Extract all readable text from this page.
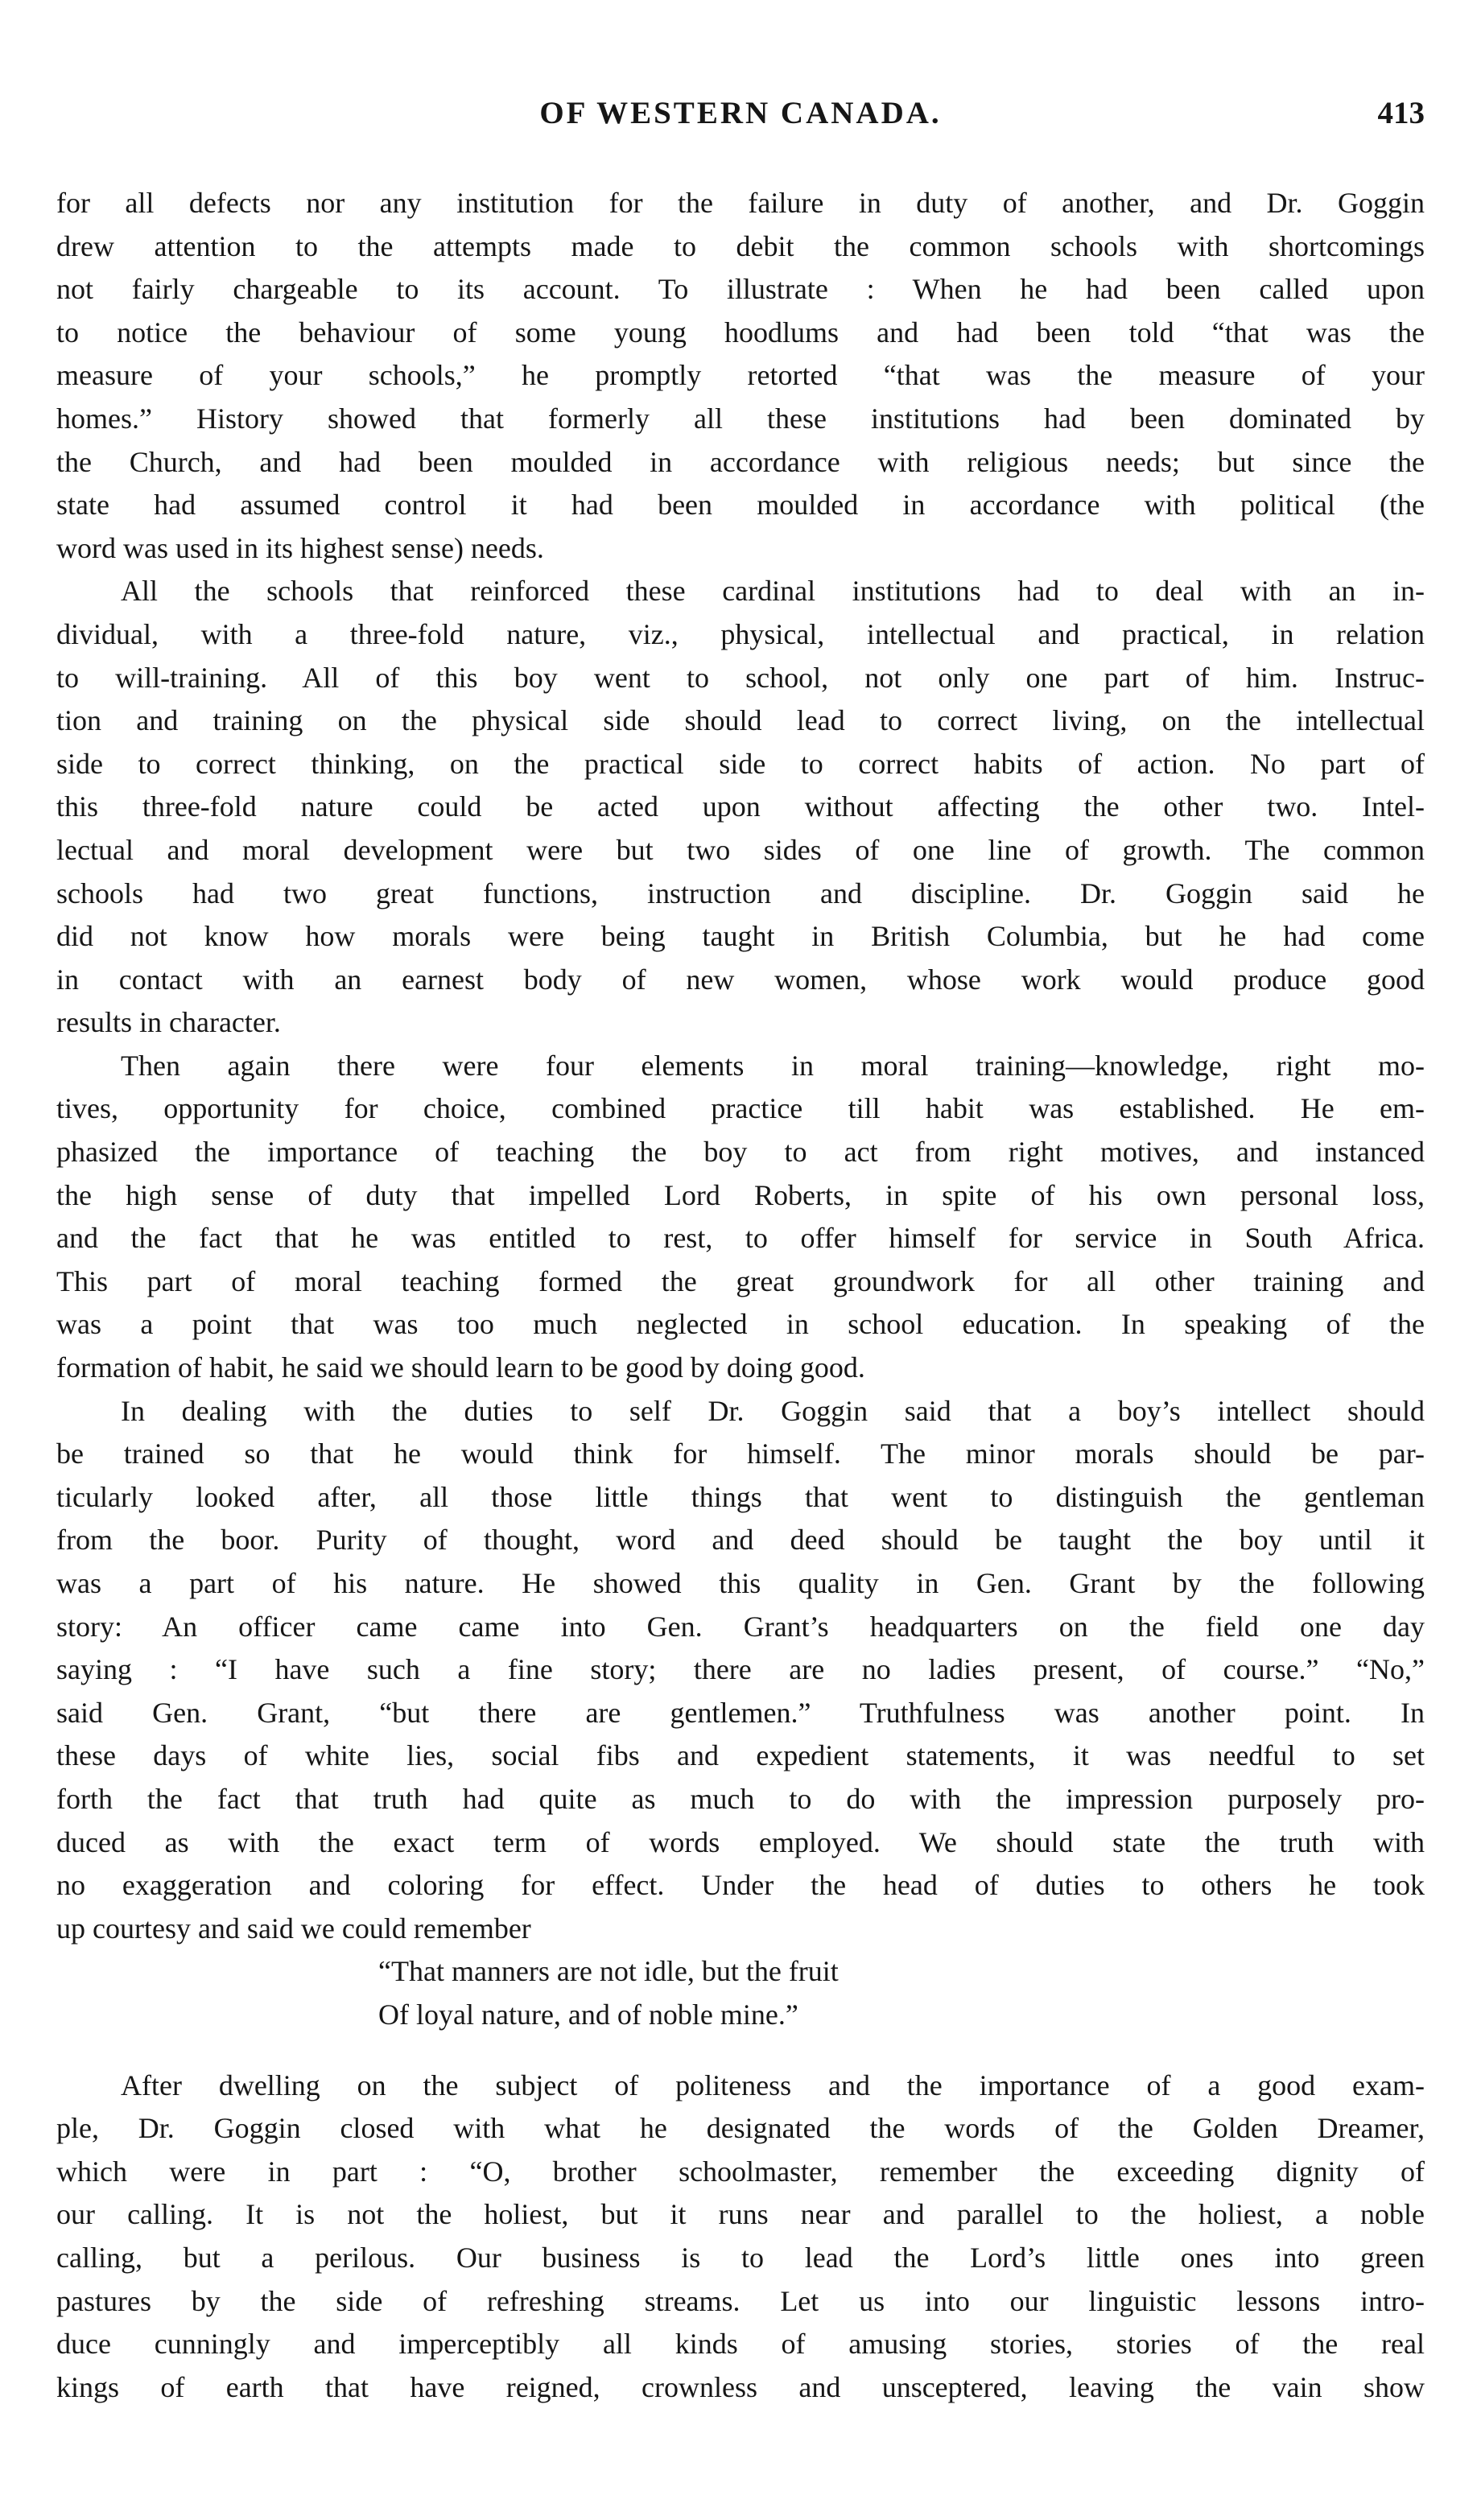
OF WESTERN CANADA.	413
for all defects nor any institution for the failure in duty of another, and Dr. Goggin
drew attention to the attempts made to debit the common schools with shortcomings
not fairly chargeable to its account. To illustrate : When he had been called upon
to notice the behaviour of some young hoodlums and had been told “that was the
measure of your schools,” he promptly retorted “that was the measure of your
homes.” History showed that formerly all these institutions had been dominated by
the Church, and had been moulded in accordance with religious needs; but since the
state had assumed control it had been moulded in accordance with political (the
word was used in its highest sense) needs.
All the schools that reinforced these cardinal institutions had to deal with an in-
dividual, with a three-fold nature, viz., physical, intellectual and practical, in relation
to will-training. All of this boy went to school, not only one part of him. Instruc-
tion and training on the physical side should lead to correct living, on the intellectual
side to correct thinking, on the practical side to correct habits of action. No part of
this three-fold nature could be acted upon without affecting the other two. Intel-
lectual and moral development were but two sides of one line of growth. The common
schools had two great functions, instruction and discipline. Dr. Goggin said he
did not know how morals were being taught in British Columbia, but he had come
in contact with an earnest body of new women, whose work would produce good
results in character.
Then again there were four elements in moral training—knowledge, right mo-
tives, opportunity for choice, combined practice till habit was established. He em-
phasized the importance of teaching the boy to act from right motives, and instanced
the high sense of duty that impelled Lord Roberts, in spite of his own personal loss,
and the fact that he was entitled to rest, to offer himself for service in South Africa.
This part of moral teaching formed the great groundwork for all other training and
was a point that was too much neglected in school education. In speaking of the
formation of habit, he said we should learn to be good by doing good.
In dealing with the duties to self Dr. Goggin said that a boy’s intellect should
be trained so that he would think for himself. The minor morals should be par-
ticularly looked after, all those little things that went to distinguish the gentleman
from the boor. Purity of thought, word and deed should be taught the boy until it
was a part of his nature. He showed this quality in Gen. Grant by the following
story: An officer came came into Gen. Grant’s headquarters on the field one day
saying : “I have such a fine story; there are no ladies present, of course.” “No,”
said Gen. Grant, “but there are gentlemen.” Truthfulness was another point. In
these days of white lies, social fibs and expedient statements, it was needful to set
forth the fact that truth had quite as much to do with the impression purposely pro-
duced as with the exact term of words employed. We should state the truth with
no exaggeration and coloring for effect. Under the head of duties to others he took
up courtesy and said we could remember
“That manners are not idle, but the fruit
Of loyal nature, and of noble mine.”
After dwelling on the subject of politeness and the importance of a good exam-
ple, Dr. Goggin closed with what he designated the words of the Golden Dreamer,
which were in part : “O, brother schoolmaster, remember the exceeding dignity of
our calling. It is not the holiest, but it runs near and parallel to the holiest, a noble
calling, but a perilous. Our business is to lead the Lord’s little ones into green
pastures by the side of refreshing streams. Let us into our linguistic lessons intro-
duce cunningly and imperceptibly all kinds of amusing stories, stories of the real
kings of earth that have reigned, crownless and unsceptered, leaving the vain show
